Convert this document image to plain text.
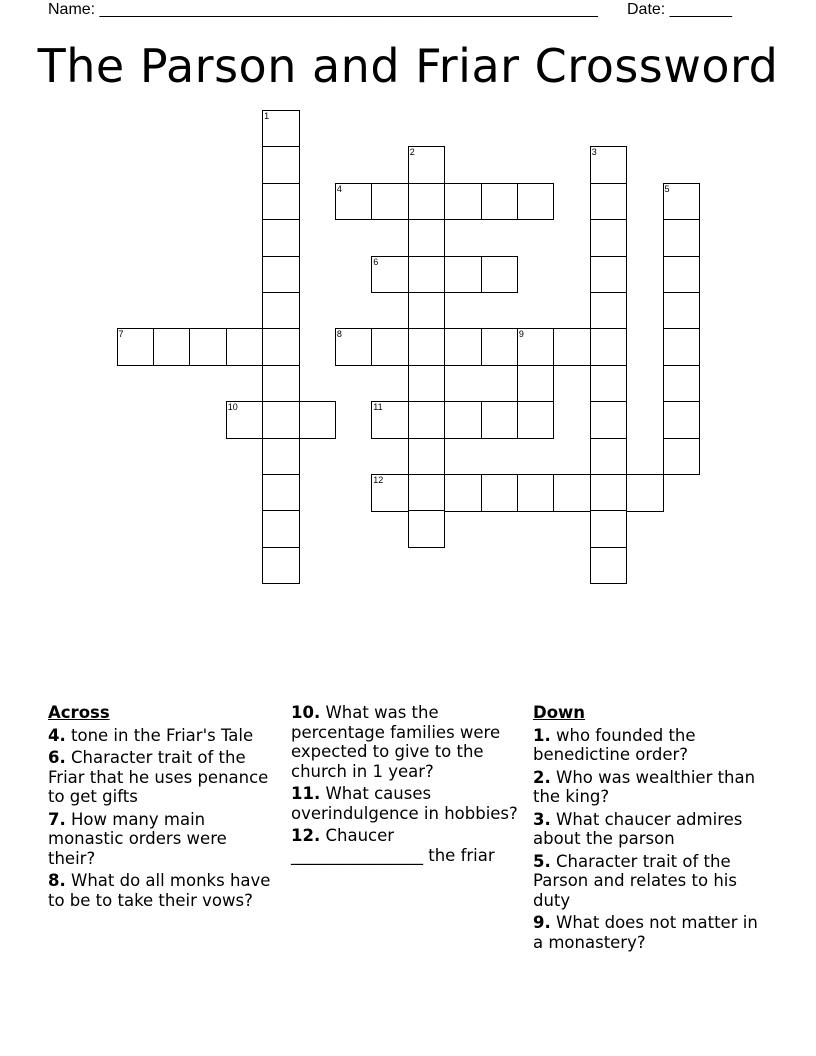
Name: ________________________________________________________ Date: _______
The Parson and Friar Crossword
1
2	3
4	5
6
7	8	9
10	11
12
Across
4. tone in the Friar's Tale
6. Character trait of the Friar that he uses penance to get gifts
7. How many main monastic orders were their?
8. What do all monks have to be to take their vows?
10. What was the percentage families were expected to give to the church in 1 year?
11. What causes overindulgence in hobbies?
12. Chaucer ________________ the friar
Down
1. who founded the benedictine order?
2. Who was wealthier than the king?
3. What chaucer admires about the parson
5. Character trait of the Parson and relates to his duty
9. What does not matter in a monastery?
